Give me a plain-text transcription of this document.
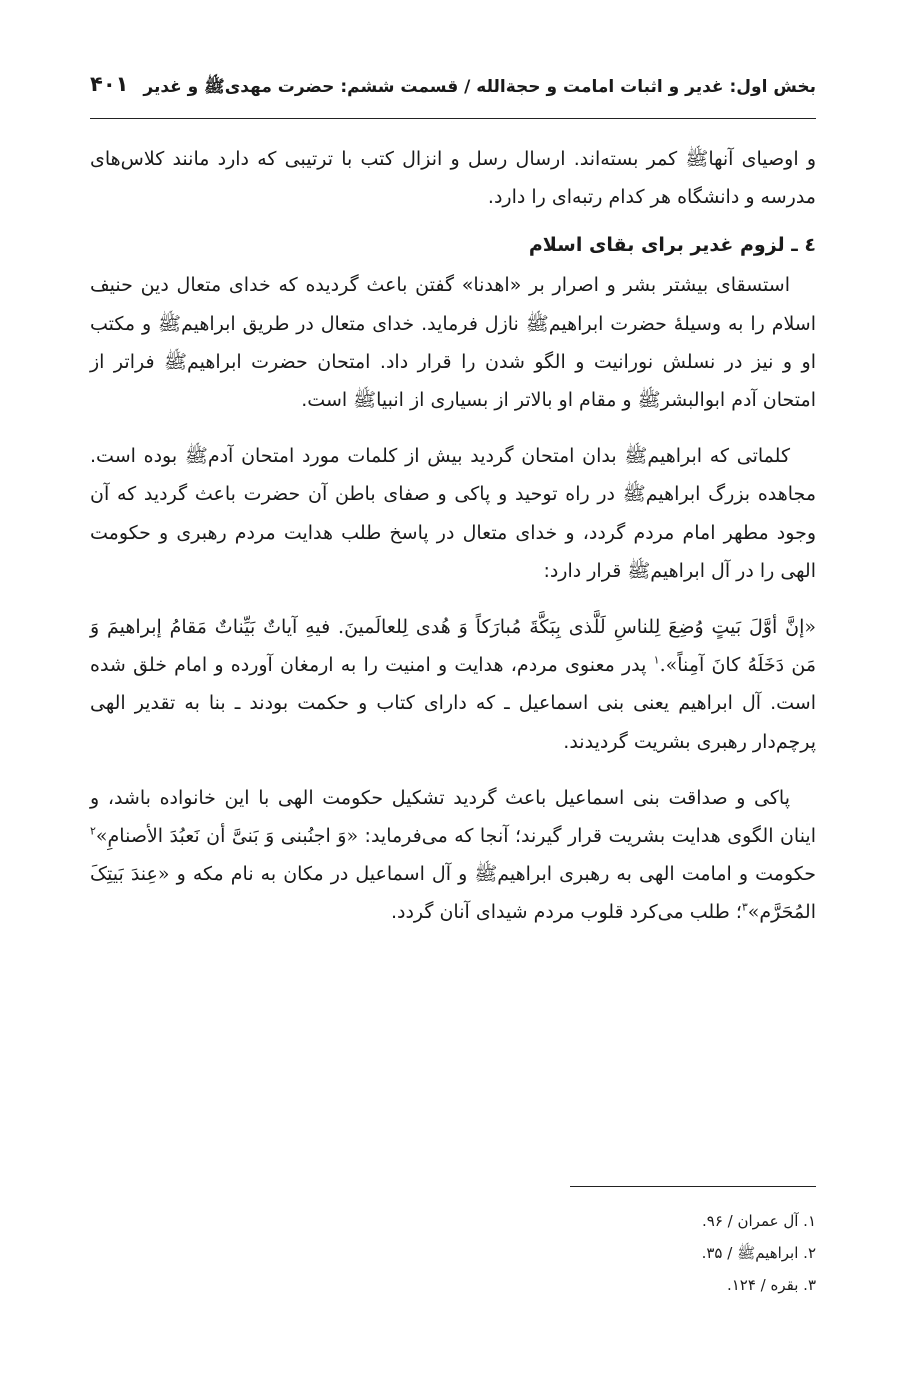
بخش اول: غدیر و اثبات امامت و حجةالله / قسمت ششم: حضرت مهدیﷺ و غدیر
۴۰۱

و اوصیای آنهاﷺ کمر بسته‌اند. ارسال رسل و انزال کتب با ترتیبی که دارد مانند کلاس‌های مدرسه و دانشگاه هر کدام رتبه‌ای را دارد.

٤ ـ لزوم غدیر برای بقای اسلام

استسقای بیشتر بشر و اصرار بر «اهدنا» گفتن باعث گردیده که خدای متعال دین حنیف اسلام را به وسیلهٔ حضرت ابراهیمﷺ نازل فرماید. خدای متعال در طریق ابراهیمﷺ و مکتب او و نیز در نسلش نورانیت و الگو شدن را قرار داد. امتحان حضرت ابراهیمﷺ فراتر از امتحان آدم ابوالبشرﷺ و مقام او بالاتر از بسیاری از انبیاﷺ است.

کلماتی که ابراهیمﷺ بدان امتحان گردید بیش از کلمات مورد امتحان آدمﷺ بوده است. مجاهده بزرگ ابراهیمﷺ در راه توحید و پاکی و صفای باطن آن حضرت باعث گردید که آن وجود مطهر امام مردم گردد، و خدای متعال در پاسخ طلب هدایت مردم رهبری و حکومت الهی را در آل ابراهیمﷺ قرار دارد:

«إنَّ أوَّلَ بَیتٍ وُضِعَ لِلناسِ لَلَّذی بِبَکَّةَ مُبارَکاً وَ هُدی لِلعالَمینَ. فیهِ آیاتٌ بَیِّناتٌ مَقامُ إبراهیمَ وَ مَن دَخَلَهُ کانَ آمِناً».$^١$ پدر معنوی مردم، هدایت و امنیت را به ارمغان آورده و امام خلق شده است. آل ابراهیم یعنی بنی اسماعیل ـ که دارای کتاب و حکمت بودند ـ بنا به تقدیر الهی پرچم‌دار رهبری بشریت گردیدند.

پاکی و صداقت بنی اسماعیل باعث گردید تشکیل حکومت الهی با این خانواده باشد، و اینان الگوی هدایت بشریت قرار گیرند؛ آنجا که می‌فرماید: «وَ اجنُبنی وَ بَنیَّ أن نَعبُدَ الأصنامِ»$^٢$ حکومت و امامت الهی به رهبری ابراهیمﷺ و آل اسماعیل در مکان به نام مکه و «عِندَ بَیتِکَ المُحَرَّم»$^٣$؛ طلب می‌کرد قلوب مردم شیدای آنان گردد.

۱. آل عمران / ۹۶.
۲. ابراهیمﷺ / ۳۵.
۳. بقره / ۱۲۴.
